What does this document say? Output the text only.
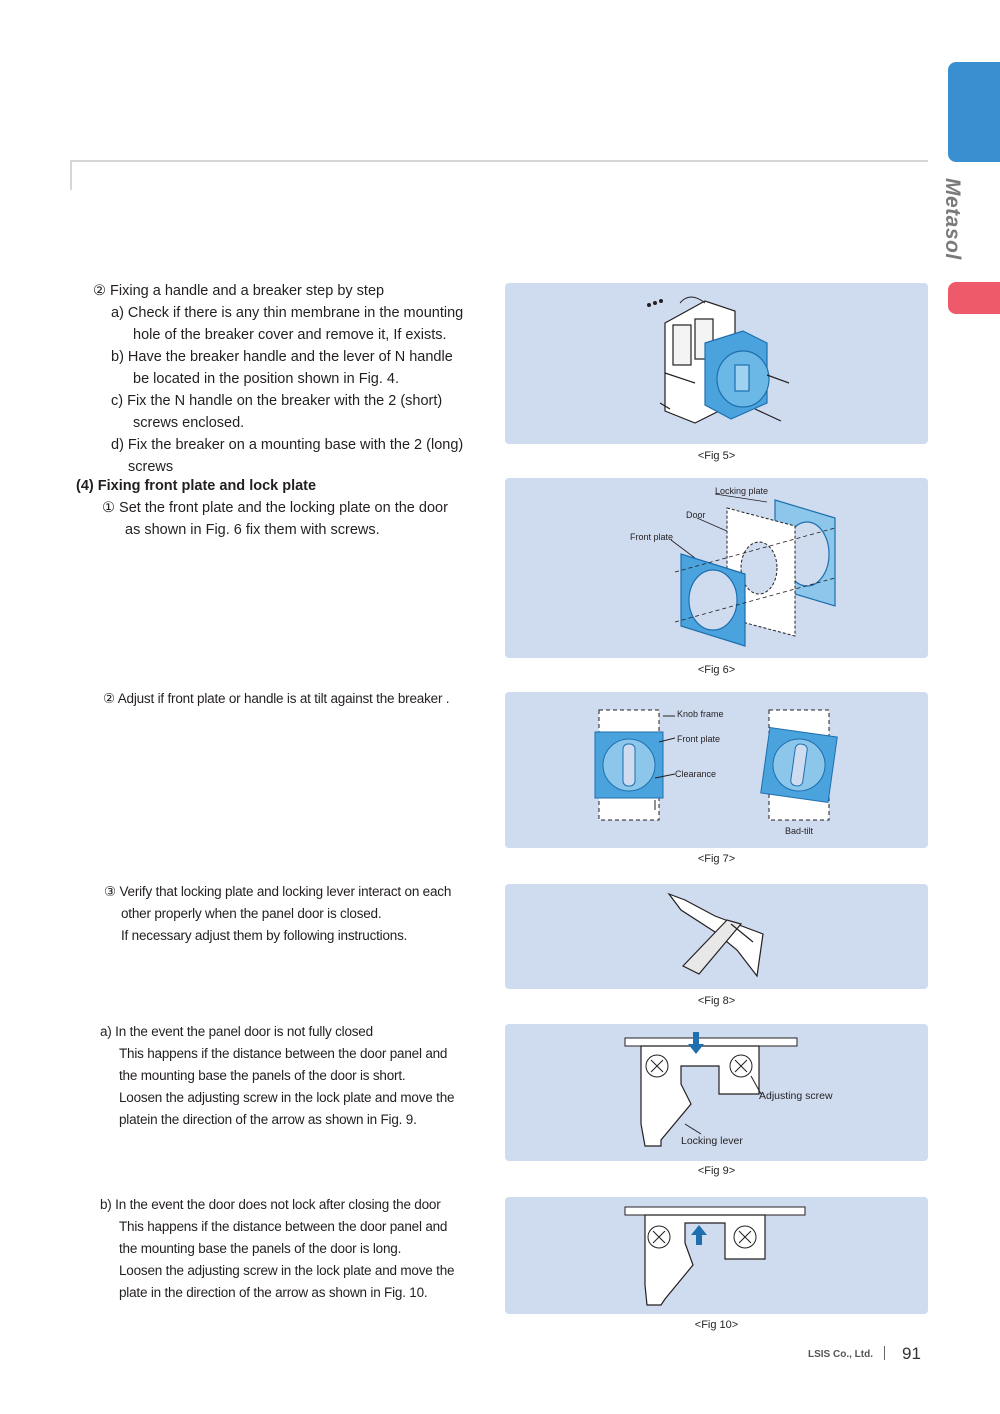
Metasol
② Fixing a handle and a breaker step by step
a) Check if there is any thin membrane in the mounting
hole of the breaker cover and remove it, If exists.
b) Have the breaker handle and the lever of N handle
be located in the position shown in Fig. 4.
c) Fix the N handle on the breaker with the 2 (short)
screws enclosed.
d) Fix the breaker on a mounting base with the 2 (long)
screws
(4) Fixing front plate and lock plate
① Set the front plate and the locking plate on the door
as shown in Fig. 6 fix them with screws.
② Adjust if front plate or handle is at tilt against the breaker .
③ Verify that locking plate and locking lever interact on each
other properly when the panel door is closed.
If necessary adjust them by following instructions.
a) In the event the panel door is not fully closed
This happens if the distance between the door panel and
the mounting base the panels of the door is short.
Loosen the adjusting screw in the lock plate and move the
platein the direction of the arrow as shown in Fig. 9.
b) In the event the door does not lock after closing the door
This happens if the distance between the door panel and
the mounting base the panels of the door is long.
Loosen the adjusting screw in the lock plate and move the
plate in the direction of the arrow as shown in Fig. 10.
<Fig 5>
Locking plate
Door
Front plate
<Fig 6>
Knob frame
Front plate
Clearance
Bad-tilt
<Fig 7>
<Fig 8>
Adjusting screw
Locking lever
<Fig 9>
<Fig 10>
LSIS Co., Ltd. 91
